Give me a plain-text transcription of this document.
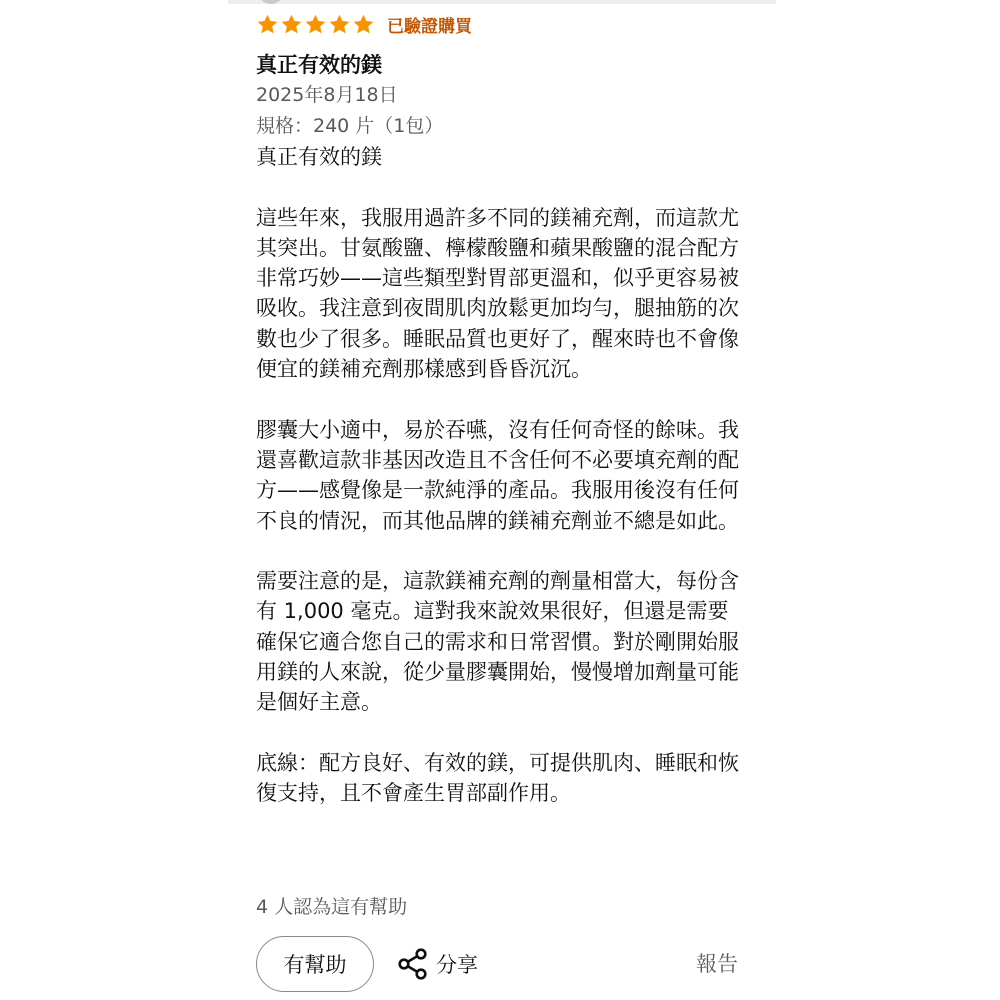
已驗證購買
真正有效的鎂
2025年8月18日
規格：240 片（1包）
真正有效的鎂

這些年來，我服用過許多不同的鎂補充劑，而這款尤其突出。甘氨酸鹽、檸檬酸鹽和蘋果酸鹽的混合配方非常巧妙——這些類型對胃部更溫和，似乎更容易被吸收。我注意到夜間肌肉放鬆更加均勻，腿抽筋的次數也少了很多。睡眠品質也更好了，醒來時也不會像便宜的鎂補充劑那樣感到昏昏沉沉。

膠囊大小適中，易於吞嚥，沒有任何奇怪的餘味。我還喜歡這款非基因改造且不含任何不必要填充劑的配方——感覺像是一款純淨的產品。我服用後沒有任何不良的情況，而其他品牌的鎂補充劑並不總是如此。

需要注意的是，這款鎂補充劑的劑量相當大，每份含有 1,000 毫克。這對我來說效果很好，但還是需要確保它適合您自己的需求和日常習慣。對於剛開始服用鎂的人來說，從少量膠囊開始，慢慢增加劑量可能是個好主意。

底線：配方良好、有效的鎂，可提供肌肉、睡眠和恢復支持，且不會產生胃部副作用。
4 人認為這有幫助
有幫助	分享	報告
